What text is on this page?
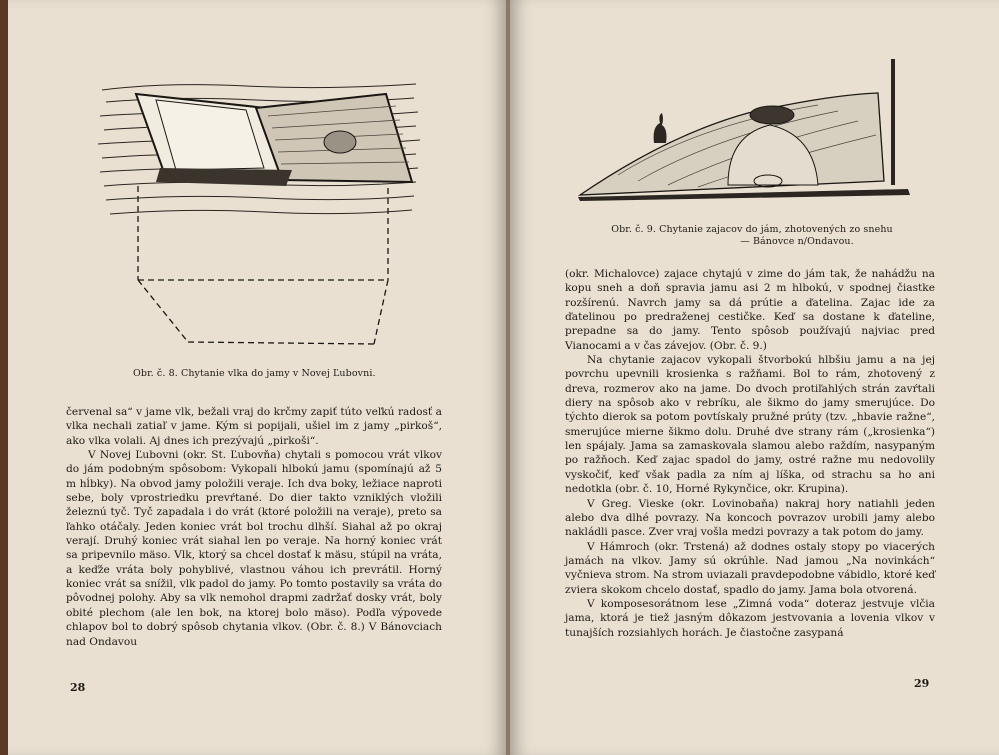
Obr. č. 8. Chytanie vlka do jamy v Novej Ľubovni.

červenal sa“ v jame vlk, bežali vraj do krčmy zapiť túto veľkú radosť a vlka nechali zatiaľ v jame. Kým si popijali, ušiel im z jamy „pirkoš“, ako vlka volali. Aj dnes ich prezývajú „pirkoši“.

V Novej Ľubovni (okr. St. Ľubovňa) chytali s pomocou vrát vlkov do jám podobným spôsobom: Vykopali hlbokú jamu (spomínajú až 5 m hĺbky). Na obvod jamy položili veraje. Ich dva boky, ležiace naproti sebe, boly vprostriedku prevŕtané. Do dier takto vzniklých vložili železnú tyč. Tyč zapadala i do vrát (ktoré položili na veraje), preto sa ľahko otáčaly. Jeden koniec vrát bol trochu dlhší. Siahal až po okraj verají. Druhý koniec vrát siahal len po veraje. Na horný koniec vrát sa pripevnilo mäso. Vlk, ktorý sa chcel dostať k mäsu, stúpil na vráta, a keďže vráta boly pohyblivé, vlastnou váhou ich prevrátil. Horný koniec vrát sa snížil, vlk padol do jamy. Po tomto postavily sa vráta do pôvodnej polohy. Aby sa vlk nemohol drapmi zadržať dosky vrát, boly obité plechom (ale len bok, na ktorej bolo mäso). Podľa výpovede chlapov bol to dobrý spôsob chytania vlkov. (Obr. č. 8.) V Bánovciach nad Ondavou

28
Obr. č. 9. Chytanie zajacov do jám, zhotovených zo snehu
— Bánovce n/Ondavou.

(okr. Michalovce) zajace chytajú v zime do jám tak, že nahádžu na kopu sneh a doň spravia jamu asi 2 m hlbokú, v spodnej čiastke rozšírenú. Navrch jamy sa dá prútie a ďatelina. Zajac ide za ďatelinou po predraženej cestičke. Keď sa dostane k ďateline, prepadne sa do jamy. Tento spôsob používajú najviac pred Vianocami a v čas závejov. (Obr. č. 9.)

Na chytanie zajacov vykopali štvorbokú hlbšiu jamu a na jej povrchu upevnili krosienka s ražňami. Bol to rám, zhotovený z dreva, rozmerov ako na jame. Do dvoch protiľahlých strán zavŕtali diery na spôsob ako v rebríku, ale šikmo do jamy smerujúce. Do týchto dierok sa potom povtískaly pružné prúty (tzv. „hbavie ražne“, smerujúce mierne šikmo dolu. Druhé dve strany rám („krosienka“) len spájaly. Jama sa zamaskovala slamou alebo raždím, nasypaným po ražňoch. Keď zajac spadol do jamy, ostré ražne mu nedovolily vyskočiť, keď však padla za ním aj líška, od strachu sa ho ani nedotkla (obr. č. 10, Horné Rykynčice, okr. Krupina).

V Greg. Vieske (okr. Lovinobaňa) nakraj hory natiahli jeden alebo dva dlhé povrazy. Na koncoch povrazov urobili jamy alebo nakládli pasce. Zver vraj vošla medzi povrazy a tak potom do jamy.

V Hámroch (okr. Trstená) až dodnes ostaly stopy po viacerých jamách na vlkov. Jamy sú okrúhle. Nad jamou „Na novinkách“ vyčnieva strom. Na strom uviazali pravdepodobne vábidlo, ktoré keď zviera skokom chcelo dostať, spadlo do jamy. Jama bola otvorená.

V komposesorátnom lese „Zimná voda“ doteraz jestvuje vlčia jama, ktorá je tiež jasným dôkazom jestvovania a lovenia vlkov v tunajších rozsiahlych horách. Je čiastočne zasypaná

29
